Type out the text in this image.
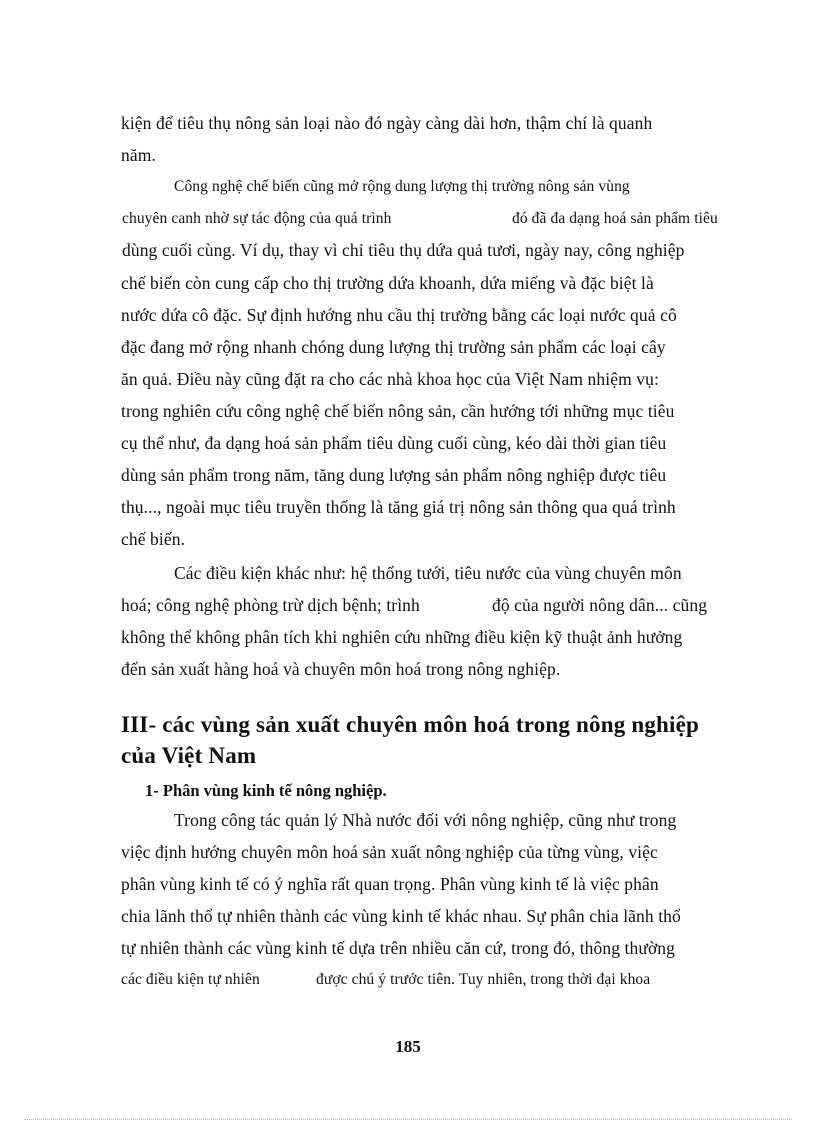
kiện để tiêu thụ nông sản loại nào đó ngày càng dài hơn, thậm chí là quanh
năm.
Công nghệ chế biến cũng mở rộng dung lượng thị trường nông sản vùng
chuyên canh nhờ sự tác động của quá trình	đó đã đa dạng hoá sản phẩm tiêu
dùng cuối cùng. Ví dụ, thay vì chỉ tiêu thụ dứa quả tươi, ngày nay, công nghiệp
chế biến còn cung cấp cho thị trường dứa khoanh, dứa miếng và đặc biệt là
nước dứa cô đặc. Sự định hướng nhu cầu thị trường bằng các loại nước quả cô
đặc đang mở rộng nhanh chóng dung lượng thị trường sản phẩm các loại cây
ăn quả. Điều này cũng đặt ra cho các nhà khoa học của Việt Nam nhiệm vụ:
trong nghiên cứu công nghệ chế biến nông sản, cần hướng tới những mục tiêu
cụ thể như, đa dạng hoá sản phẩm tiêu dùng cuối cùng, kéo dài thời gian tiêu
dùng sản phẩm trong năm, tăng dung lượng sản phẩm nông nghiệp được tiêu
thụ..., ngoài mục tiêu truyền thống là tăng giá trị nông sản thông qua quá trình
chế biến.
Các điều kiện khác như: hệ thống tưới, tiêu nước của vùng chuyên môn
hoá; công nghệ phòng trừ dịch bệnh; trình	độ của người nông dân... cũng
không thể không phân tích khi nghiên cứu những điều kiện kỹ thuật ảnh hưởng
đến sản xuất hàng hoá và chuyên môn hoá trong nông nghiệp.
III- các vùng sản xuất chuyên môn hoá trong nông nghiệp
của Việt Nam
1- Phân vùng kinh tế nông nghiệp.
Trong công tác quản lý Nhà nước đối với nông nghiệp, cũng như trong
việc định hướng chuyên môn hoá sản xuất nông nghiệp của từng vùng, việc
phân vùng kinh tế có ý nghĩa rất quan trọng. Phân vùng kinh tế là việc phân
chia lãnh thổ tự nhiên thành các vùng kinh tế khác nhau. Sự phân chia lãnh thổ
tự nhiên thành các vùng kinh tế dựa trên nhiều căn cứ, trong đó, thông thường
các điều kiện tự nhiên	được chú ý trước tiên. Tuy nhiên, trong thời đại khoa
185
